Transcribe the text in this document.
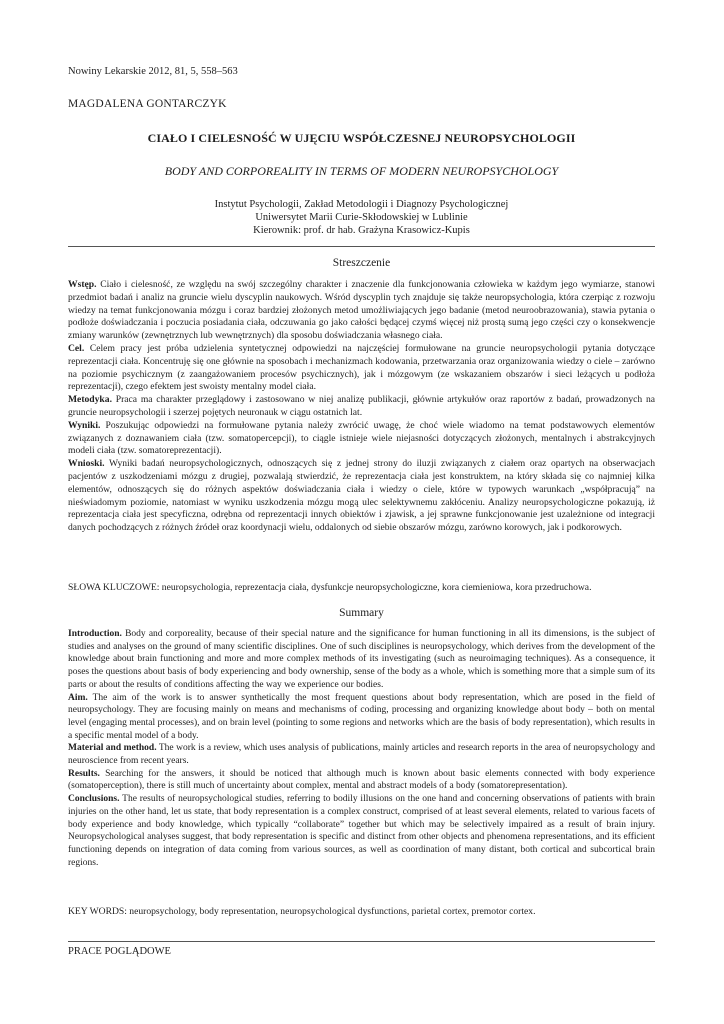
Nowiny Lekarskie 2012, 81, 5, 558–563
MAGDALENA GONTARCZYK
CIAŁO I CIELESNOŚĆ W UJĘCIU WSPÓŁCZESNEJ NEUROPSYCHOLOGII
BODY AND CORPOREALITY IN TERMS OF MODERN NEUROPSYCHOLOGY
Instytut Psychologii, Zakład Metodologii i Diagnozy Psychologicznej
Uniwersytet Marii Curie-Skłodowskiej w Lublinie
Kierownik: prof. dr hab. Grażyna Krasowicz-Kupis
Streszczenie

Wstęp. Ciało i cielesność, ze względu na swój szczególny charakter i znaczenie dla funkcjonowania człowieka w każdym jego wymiarze, stanowi przedmiot badań i analiz na gruncie wielu dyscyplin naukowych. Wśród dyscyplin tych znajduje się także neuropsychologia, która czerpiąc z rozwoju wiedzy na temat funkcjonowania mózgu i coraz bardziej złożonych metod umożliwiających jego badanie (metod neuroobrazowania), stawia pytania o podłoże doświadczania i poczucia posiadania ciała, odczuwania go jako całości będącej czymś więcej niż prostą sumą jego części czy o konsekwencje zmiany warunków (zewnętrznych lub wewnętrznych) dla sposobu doświadczania własnego ciała.

Cel. Celem pracy jest próba udzielenia syntetycznej odpowiedzi na najczęściej formułowane na gruncie neuropsychologii pytania dotyczące reprezentacji ciała. Koncentruję się one głównie na sposobach i mechanizmach kodowania, przetwarzania oraz organizowania wiedzy o ciele – zarówno na poziomie psychicznym (z zaangażowaniem procesów psychicznych), jak i mózgowym (ze wskazaniem obszarów i sieci leżących u podłoża reprezentacji), czego efektem jest swoisty mentalny model ciała.

Metodyka. Praca ma charakter przeglądowy i zastosowano w niej analizę publikacji, głównie artykułów oraz raportów z badań, prowadzonych na gruncie neuropsychologii i szerzej pojętych neuronauk w ciągu ostatnich lat.

Wyniki. Poszukując odpowiedzi na formułowane pytania należy zwrócić uwagę, że choć wiele wiadomo na temat podstawowych elementów związanych z doznawaniem ciała (tzw. somatopercepcji), to ciągle istnieje wiele niejasności dotyczących złożonych, mentalnych i abstrakcyjnych modeli ciała (tzw. somatoreprezentacji).

Wnioski. Wyniki badań neuropsychologicznych, odnoszących się z jednej strony do iluzji związanych z ciałem oraz opartych na obserwacjach pacjentów z uszkodzeniami mózgu z drugiej, pozwalają stwierdzić, że reprezentacja ciała jest konstruktem, na który składa się co najmniej kilka elementów, odnoszących się do różnych aspektów doświadczania ciała i wiedzy o ciele, które w typowych warunkach „współpracują” na nieświadomym poziomie, natomiast w wyniku uszkodzenia mózgu mogą ulec selektywnemu zakłóceniu. Analizy neuropsychologiczne pokazują, iż reprezentacja ciała jest specyficzna, odrębna od reprezentacji innych obiektów i zjawisk, a jej sprawne funkcjonowanie jest uzależnione od integracji danych pochodzących z różnych źródeł oraz koordynacji wielu, oddalonych od siebie obszarów mózgu, zarówno korowych, jak i podkorowych.

SŁOWA KLUCZOWE: neuropsychologia, reprezentacja ciała, dysfunkcje neuropsychologiczne, kora ciemieniowa, kora przedruchowa.
Summary

Introduction. Body and corporeality, because of their special nature and the significance for human functioning in all its dimensions, is the subject of studies and analyses on the ground of many scientific disciplines. One of such disciplines is neuropsychology, which derives from the development of the knowledge about brain functioning and more and more complex methods of its investigating (such as neuroimaging techniques). As a consequence, it poses the questions about basis of body experiencing and body ownership, sense of the body as a whole, which is something more that a simple sum of its parts or about the results of conditions affecting the way we experience our bodies.

Aim. The aim of the work is to answer synthetically the most frequent questions about body representation, which are posed in the field of neuropsychology. They are focusing mainly on means and mechanisms of coding, processing and organizing knowledge about body – both on mental level (engaging mental processes), and on brain level (pointing to some regions and networks which are the basis of body representation), which results in a specific mental model of a body.

Material and method. The work is a review, which uses analysis of publications, mainly articles and research reports in the area of neuropsychology and neuroscience from recent years.

Results. Searching for the answers, it should be noticed that although much is known about basic elements connected with body experience (somatoperception), there is still much of uncertainty about complex, mental and abstract models of a body (somatorepresentation).

Conclusions. The results of neuropsychological studies, referring to bodily illusions on the one hand and concerning observations of patients with brain injuries on the other hand, let us state, that body representation is a complex construct, comprised of at least several elements, related to various facets of body experience and body knowledge, which typically “collaborate” together but which may be selectively impaired as a result of brain injury. Neuropsychological analyses suggest, that body representation is specific and distinct from other objects and phenomena representations, and its efficient functioning depends on integration of data coming from various sources, as well as coordination of many distant, both cortical and subcortical brain regions.

KEY WORDS: neuropsychology, body representation, neuropsychological dysfunctions, parietal cortex, premotor cortex.
PRACE POGLĄDOWE
